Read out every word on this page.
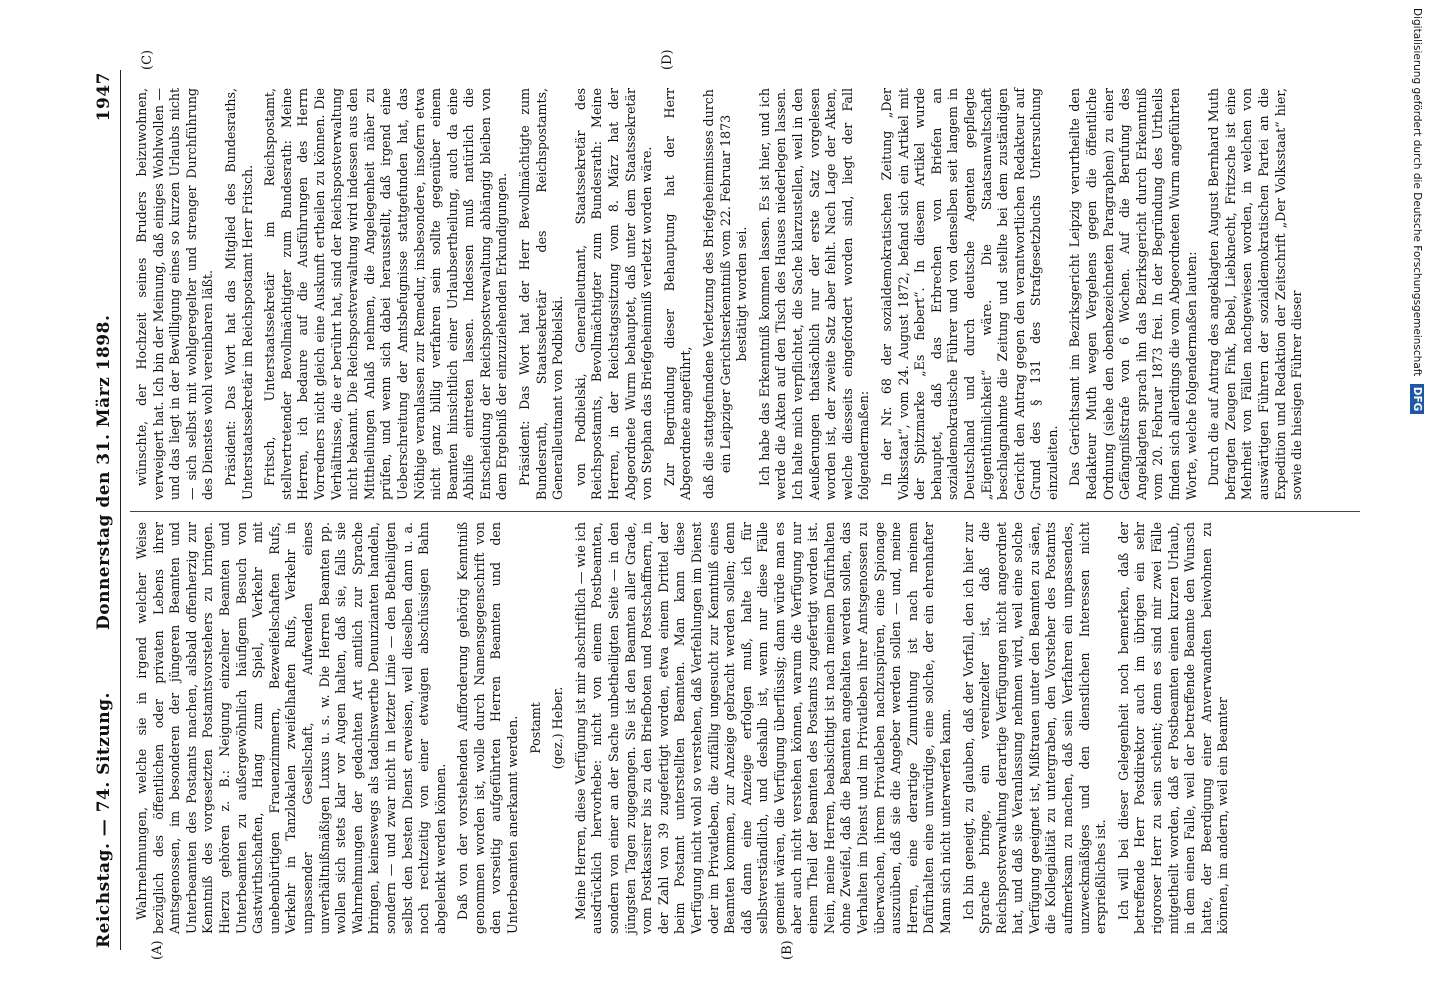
Reichstag. — 74. Sitzung.
Donnerstag den 31. März 1898.
1947
(A)	(B)
(C)	(D)

Wahrnehmungen, welche sie in irgend welcher Weise bezüglich des öffentlichen oder privaten Lebens ihrer Amtsgenossen, im besonderen der jüngeren Beamten und Unterbeamten des Postamts machen, alsbald offenherzig zur Kenntniß des vorgesetzten Postamtsvorstehers zu bringen. Hierzu gehören z. B.: Neigung einzelner Beamten und Unterbeamten zu außergewöhnlich häufigem Besuch von Gastwirthschaften, Hang zum Spiel, Verkehr mit unebenbürtigen Frauenzimmern, Bezweifelschaften Rufs, Verkehr in Tanzlokalen zweifelhaften Rufs, Verkehr in unpassender Gesellschaft, Aufwenden eines unverhältnißmäßigen Luxus u. s. w. Die Herren Beamten pp. wollen sich stets klar vor Augen halten, daß sie, falls sie Wahrnehmungen der gedachten Art amtlich zur Sprache bringen, keineswegs als tadelnswerthe Denunzianten handeln, sondern — und zwar nicht in letzter Linie — den Betheiligten selbst den besten Dienst erweisen, weil dieselben dann u. a. noch rechtzeitig von einer etwaigen abschüssigen Bahn abgelenkt werden können. Daß von der vorstehenden Aufforderung gehörig Kenntniß genommen worden ist, wolle durch Namensgegenschrift von den vorseitig aufgeführten Herren Beamten und den Unterbeamten anerkannt werden. Postamt (gez.) Heber. Meine Herren, diese Verfügung ist mir abschriftlich — wie ich ausdrücklich hervorhebe: nicht von einem Postbeamten, sondern von einer an der Sache unbetheiligten Seite — in den jüngsten Tagen zugegangen. Sie ist den Beamten aller Grade, vom Postkassirer bis zu den Briefboten und Postschaffnern, in der Zahl von 39 zugefertigt worden, etwa einem Drittel der beim Postamt unterstellten Beamten. Man kann diese Verfügung nicht wohl so verstehen, daß Verfehlungen im Dienst oder im Privatleben, die zufällig ungesucht zur Kenntniß eines Beamten kommen, zur Anzeige gebracht werden sollen; denn daß dann eine Anzeige erfolgen muß, halte ich für selbstverständlich, und deshalb ist, wenn nur diese Fälle gemeint wären, die Verfügung überflüssig; dann würde man es aber auch nicht verstehen können, warum die Verfügung nur einem Theil der Beamten des Postamts zugefertigt worden ist. Nein, meine Herren, beabsichtigt ist nach meinem Dafürhalten ohne Zweifel, daß die Beamten angehalten werden sollen, das Verhalten im Dienst und im Privatleben ihrer Amtsgenossen zu überwachen, ihrem Privatleben nachzuspüren, eine Spionage auszuüben, daß sie die Angeber werden sollen — und, meine Herren, eine derartige Zumuthung ist nach meinem Dafürhalten eine unwürdige, eine solche, der ein ehrenhafter Mann sich nicht unterwerfen kann. Ich bin geneigt, zu glauben, daß der Vorfall, den ich hier zur Sprache bringe, ein vereinzelter ist, daß die Reichspostverwaltung derartige Verfügungen nicht angeordnet hat, und daß sie Veranlassung nehmen wird, weil eine solche Verfügung geeignet ist, Mißtrauen unter den Beamten zu säen, die Kollegialität zu untergraben, den Vorsteher des Postamts aufmerksam zu machen, daß sein Verfahren ein unpassendes, unzweckmäßiges und den dienstlichen Interessen nicht ersprießliches ist. Ich will bei dieser Gelegenheit noch bemerken, daß der betreffende Herr Postdirektor auch im übrigen ein sehr rigoroser Herr zu sein scheint; denn es sind mir zwei Fälle mitgetheilt worden, daß er Postbeamten einen kurzen Urlaub, in dem einen Falle, weil der betreffende Beamte den Wunsch hatte, der Beerdigung einer Anverwandten beiwohnen zu können, im andern, weil ein Beamter

wünschte, der Hochzeit seines Bruders beizuwohnen, verweigert hat. Ich bin der Meinung, daß einiges Wohlwollen — und das liegt in der Bewilligung eines so kurzen Urlaubs nicht — sich selbst mit wohlgeregelter und strenger Durchführung des Dienstes wohl vereinbaren läßt. Präsident: Das Wort hat das Mitglied des Bundesraths, Unterstaatssekretär im Reichspostamt Herr Fritsch. Fritsch, Unterstaatssekretär im Reichspostamt, stellvertretender Bevollmächtigter zum Bundesrath: Meine Herren, ich bedaure auf die Ausführungen des Herrn Vorredners nicht gleich eine Auskunft ertheilen zu können. Die Verhältnisse, die er berührt hat, sind der Reichspostverwaltung nicht bekannt. Die Reichspostverwaltung wird indessen aus den Mittheilungen Anlaß nehmen, die Angelegenheit näher zu prüfen, und wenn sich dabei herausstellt, daß irgend eine Ueberschreitung der Amtsbefugnisse stattgefunden hat, das Nöthige veranlassen zur Remedur, insbesondere, insofern etwa nicht ganz billig verfahren sein sollte gegenüber einem Beamten hinsichtlich einer Urlaubsertheilung, auch da eine Abhilfe eintreten lassen. Indessen muß natürlich die Entscheidung der Reichspostverwaltung abhängig bleiben von dem Ergebniß der einzuziehenden Erkundigungen. Präsident: Das Wort hat der Herr Bevollmächtigte zum Bundesrath, Staatssekretär des Reichspostamts, Generalleutnant von Podbielski. von Podbielski, Generalleutnant, Staatssekretär des Reichspostamts, Bevollmächtigter zum Bundesrath: Meine Herren, in der Reichstagssitzung vom 8. März hat der Abgeordnete Wurm behauptet, daß unter dem Staatssekretär von Stephan das Briefgeheimniß verletzt worden wäre. Zur Begründung dieser Behauptung hat der Herr Abgeordnete angeführt, daß die stattgefundene Verletzung des Briefgeheimnisses durch ein Leipziger Gerichtserkenntniß vom 22. Februar 1873 bestätigt worden sei. Ich habe das Erkenntniß kommen lassen. Es ist hier, und ich werde die Akten auf den Tisch des Hauses niederlegen lassen. Ich halte mich verpflichtet, die Sache klarzustellen, weil in den Aeußerungen thatsächlich nur der erste Satz vorgelesen worden ist, der zweite Satz aber fehlt. Nach Lage der Akten, welche diesseits eingefordert worden sind, liegt der Fall folgendermaßen: In der Nr. 68 der sozialdemokratischen Zeitung „Der Volksstaat“, vom 24. August 1872, befand sich ein Artikel mit der Spitzmarke „Es fiebert“. In diesem Artikel wurde behauptet, daß das Erbrechen von Briefen an sozialdemokratische Führer und von denselben seit langem in Deutschland und durch deutsche Agenten gepflegte „Eigenthümlichkeit“ wäre. Die Staatsanwaltschaft beschlagnahmte die Zeitung und stellte bei dem zuständigen Gericht den Antrag gegen den verantwortlichen Redakteur auf Grund des § 131 des Strafgesetzbuchs Untersuchung einzuleiten. Das Gerichtsamt im Bezirksgericht Leipzig verurtheilte den Redakteur Muth wegen Vergehens gegen die öffentliche Ordnung (siehe den obenbezeichneten Paragraphen) zu einer Gefängnißstrafe von 6 Wochen. Auf die Berufung des Angeklagten sprach ihn das Bezirksgericht durch Erkenntniß vom 20. Februar 1873 frei. In der Begründung des Urtheils finden sich allerdings die vom Abgeordneten Wurm angeführten Worte, welche folgendermaßen lauten: Durch die auf Antrag des angeklagten August Bernhard Muth befragten Zeugen Fink, Bebel, Liebknecht, Fritzsche ist eine Mehrheit von Fällen nachgewiesen worden, in welchen von auswärtigen Führern der sozialdemokratischen Partei an die Expedition und Redaktion der Zeitschrift „Der Volksstaat“ hier, sowie die hiesigen Führer dieser

Digitalisierung gefördert durch die Deutsche Forschungsgemeinschaft DFG
